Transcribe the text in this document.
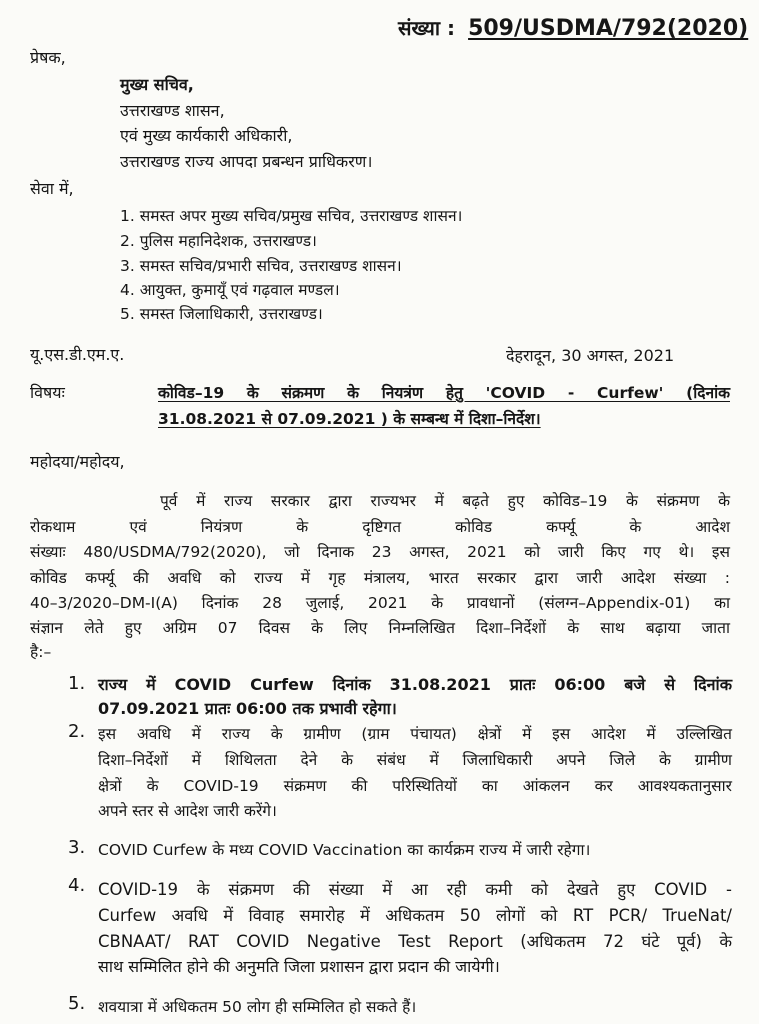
संख्या : 509/USDMA/792(2020)
प्रेषक,
मुख्य सचिव,
उत्तराखण्ड शासन,
एवं मुख्य कार्यकारी अधिकारी,
उत्तराखण्ड राज्य आपदा प्रबन्धन प्राधिकरण।
सेवा में,
1. समस्त अपर मुख्य सचिव/प्रमुख सचिव, उत्तराखण्ड शासन।
2. पुलिस महानिदेशक, उत्तराखण्ड।
3. समस्त सचिव/प्रभारी सचिव, उत्तराखण्ड शासन।
4. आयुक्त, कुमायूँ एवं गढ़वाल मण्डल।
5. समस्त जिलाधिकारी, उत्तराखण्ड।
यू.एस.डी.एम.ए.	देहरादून, 30 अगस्त, 2021
विषयः	कोविड–19 के संक्रमण के नियत्रंण हेतु 'COVID - Curfew' (दिनांक
31.08.2021 से 07.09.2021 ) के सम्बन्ध में दिशा–निर्देश।
महोदया/महोदय,
पूर्व में राज्य सरकार द्वारा राज्यभर में बढ़ते हुए कोविड–19 के संक्रमण के
रोकथाम एवं नियंत्रण के दृष्टिगत कोविड कर्फ्यू के आदेश
संख्याः 480/USDMA/792(2020), जो दिनाक 23 अगस्त, 2021 को जारी किए गए थे। इस
कोविड कर्फ्यू की अवधि को राज्य में गृह मंत्रालय, भारत सरकार द्वारा जारी आदेश संख्या :
40–3/2020–DM-I(A) दिनांक 28 जुलाई, 2021 के प्रावधानों (संलग्न–Appendix-01) का
संज्ञान लेते हुए अग्रिम 07 दिवस के लिए निम्नलिखित दिशा–निर्देशों के साथ बढ़ाया जाता
है:–
1. राज्य में COVID Curfew दिनांक 31.08.2021 प्रातः 06:00 बजे से दिनांक
07.09.2021 प्रातः 06:00 तक प्रभावी रहेगा।
2. इस अवधि में राज्य के ग्रामीण (ग्राम पंचायत) क्षेत्रों में इस आदेश में उल्लिखित
दिशा–निर्देशों में शिथिलता देने के संबंध में जिलाधिकारी अपने जिले के ग्रामीण
क्षेत्रों के COVID-19 संक्रमण की परिस्थितियों का आंकलन कर आवश्यकतानुसार
अपने स्तर से आदेश जारी करेंगे।
3. COVID Curfew के मध्य COVID Vaccination का कार्यक्रम राज्य में जारी रहेगा।
4. COVID-19 के संक्रमण की संख्या में आ रही कमी को देखते हुए COVID -
Curfew अवधि में विवाह समारोह में अधिकतम 50 लोगों को RT PCR/ TrueNat/
CBNAAT/ RAT COVID Negative Test Report (अधिकतम 72 घंटे पूर्व) के
साथ सम्मिलित होने की अनुमति जिला प्रशासन द्वारा प्रदान की जायेगी।
5. शवयात्रा में अधिकतम 50 लोग ही सम्मिलित हो सकते हैं।
